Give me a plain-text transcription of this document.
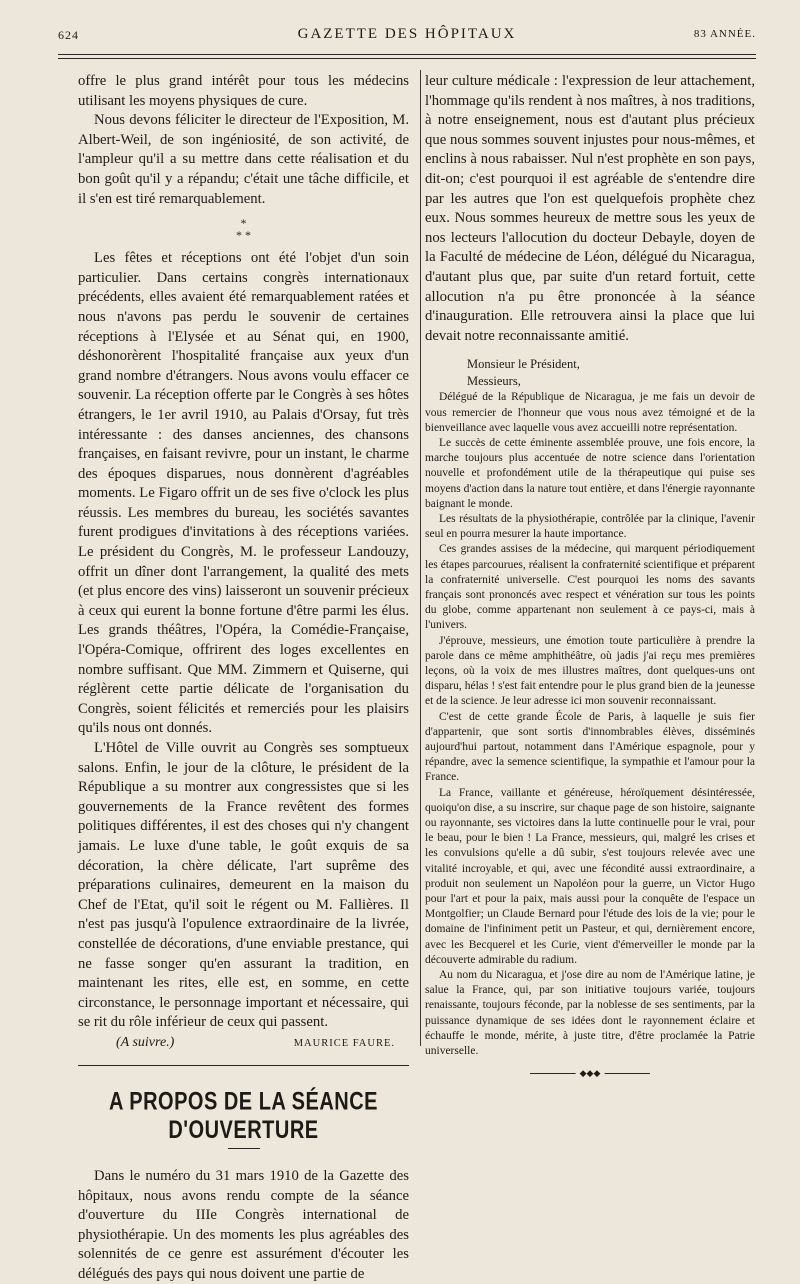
624	GAZETTE DES HÔPITAUX	83 ANNÉE.

offre le plus grand intérêt pour tous les médecins utilisant les moyens physiques de cure.

Nous devons féliciter le directeur de l'Exposition, M. Albert-Weil, de son ingéniosité, de son activité, de l'ampleur qu'il a su mettre dans cette réalisation et du bon goût qu'il y a répandu; c'était une tâche difficile, et il s'en est tiré remarquablement.

*
* *

Les fêtes et réceptions ont été l'objet d'un soin particulier. Dans certains congrès internationaux précédents, elles avaient été remarquablement ratées et nous n'avons pas perdu le souvenir de certaines réceptions à l'Elysée et au Sénat qui, en 1900, déshonorèrent l'hospitalité française aux yeux d'un grand nombre d'étrangers. Nous avons voulu effacer ce souvenir. La réception offerte par le Congrès à ses hôtes étrangers, le 1er avril 1910, au Palais d'Orsay, fut très intéressante : des danses anciennes, des chansons françaises, en faisant revivre, pour un instant, le charme des époques disparues, nous donnèrent d'agréables moments. Le Figaro offrit un de ses five o'clock les plus réussis. Les membres du bureau, les sociétés savantes furent prodigues d'invitations à des réceptions variées. Le président du Congrès, M. le professeur Landouzy, offrit un dîner dont l'arrangement, la qualité des mets (et plus encore des vins) laisseront un souvenir précieux à ceux qui eurent la bonne fortune d'être parmi les élus. Les grands théâtres, l'Opéra, la Comédie-Française, l'Opéra-Comique, offrirent des loges excellentes en nombre suffisant. Que MM. Zimmern et Quiserne, qui réglèrent cette partie délicate de l'organisation du Congrès, soient félicités et remerciés pour les plaisirs qu'ils nous ont donnés.

L'Hôtel de Ville ouvrit au Congrès ses somptueux salons. Enfin, le jour de la clôture, le président de la République a su montrer aux congressistes que si les gouvernements de la France revêtent des formes politiques différentes, il est des choses qui n'y changent jamais. Le luxe d'une table, le goût exquis de sa décoration, la chère délicate, l'art suprême des préparations culinaires, demeurent en la maison du Chef de l'Etat, qu'il soit le régent ou M. Fallières. Il n'est pas jusqu'à l'opulence extraordinaire de la livrée, constellée de décorations, d'une enviable prestance, qui ne fasse songer qu'en assurant la tradition, en maintenant les rites, elle est, en somme, en cette circonstance, le personnage important et nécessaire, qui se rit du rôle inférieur de ceux qui passent.

(A suivre.)	MAURICE FAURE.
A PROPOS DE LA SÉANCE D'OUVERTURE

Dans le numéro du 31 mars 1910 de la Gazette des hôpitaux, nous avons rendu compte de la séance d'ouverture du IIIe Congrès international de physiothérapie. Un des moments les plus agréables des solennités de ce genre est assurément d'écouter les délégués des pays qui nous doivent une partie de

leur culture médicale : l'expression de leur attachement, l'hommage qu'ils rendent à nos maîtres, à nos traditions, à notre enseignement, nous est d'autant plus précieux que nous sommes souvent injustes pour nous-mêmes, et enclins à nous rabaisser. Nul n'est prophète en son pays, dit-on; c'est pourquoi il est agréable de s'entendre dire par les autres que l'on est quelquefois prophète chez eux. Nous sommes heureux de mettre sous les yeux de nos lecteurs l'allocution du docteur Debayle, doyen de la Faculté de médecine de Léon, délégué du Nicaragua, d'autant plus que, par suite d'un retard fortuit, cette allocution n'a pu être prononcée à la séance d'inauguration. Elle retrouvera ainsi la place que lui devait notre reconnaissante amitié.

Monsieur le Président,
Messieurs,

Délégué de la République de Nicaragua, je me fais un devoir de vous remercier de l'honneur que vous nous avez témoigné et de la bienveillance avec laquelle vous avez accueilli notre représentation.

Le succès de cette éminente assemblée prouve, une fois encore, la marche toujours plus accentuée de notre science dans l'orientation nouvelle et profondément utile de la thérapeutique qui puise ses moyens d'action dans la nature tout entière, et dans l'énergie rayonnante baignant le monde.

Les résultats de la physiothérapie, contrôlée par la clinique, l'avenir seul en pourra mesurer la haute importance.

Ces grandes assises de la médecine, qui marquent périodiquement les étapes parcourues, réalisent la confraternité scientifique et préparent la confraternité universelle. C'est pourquoi les noms des savants français sont prononcés avec respect et vénération sur tous les points du globe, comme appartenant non seulement à ce pays-ci, mais à l'univers.

J'éprouve, messieurs, une émotion toute particulière à prendre la parole dans ce même amphithéâtre, où jadis j'ai reçu mes premières leçons, où la voix de mes illustres maîtres, dont quelques-uns ont disparu, hélas ! s'est fait entendre pour le plus grand bien de la jeunesse et de la science. Je leur adresse ici mon souvenir reconnaissant.

C'est de cette grande École de Paris, à laquelle je suis fier d'appartenir, que sont sortis d'innombrables élèves, disséminés aujourd'hui partout, notamment dans l'Amérique espagnole, pour y répandre, avec la semence scientifique, la sympathie et l'amour pour la France.

La France, vaillante et généreuse, héroïquement désintéressée, quoiqu'on dise, a su inscrire, sur chaque page de son histoire, saignante ou rayonnante, ses victoires dans la lutte continuelle pour le vrai, pour le beau, pour le bien ! La France, messieurs, qui, malgré les crises et les convulsions qu'elle a dû subir, s'est toujours relevée avec une vitalité incroyable, et qui, avec une fécondité aussi extraordinaire, a produit non seulement un Napoléon pour la guerre, un Victor Hugo pour l'art et pour la paix, mais aussi pour la conquête de l'espace un Montgolfier; un Claude Bernard pour l'étude des lois de la vie; pour le domaine de l'infiniment petit un Pasteur, et qui, dernièrement encore, avec les Becquerel et les Curie, vient d'émerveiller le monde par la découverte admirable du radium.

Au nom du Nicaragua, et j'ose dire au nom de l'Amérique latine, je salue la France, qui, par son initiative toujours variée, toujours renaissante, toujours féconde, par la noblesse de ses sentiments, par la puissance dynamique de ses idées dont le rayonnement éclaire et échauffe le monde, mérite, à juste titre, d'être proclamée la Patrie universelle.

◆◆◆
